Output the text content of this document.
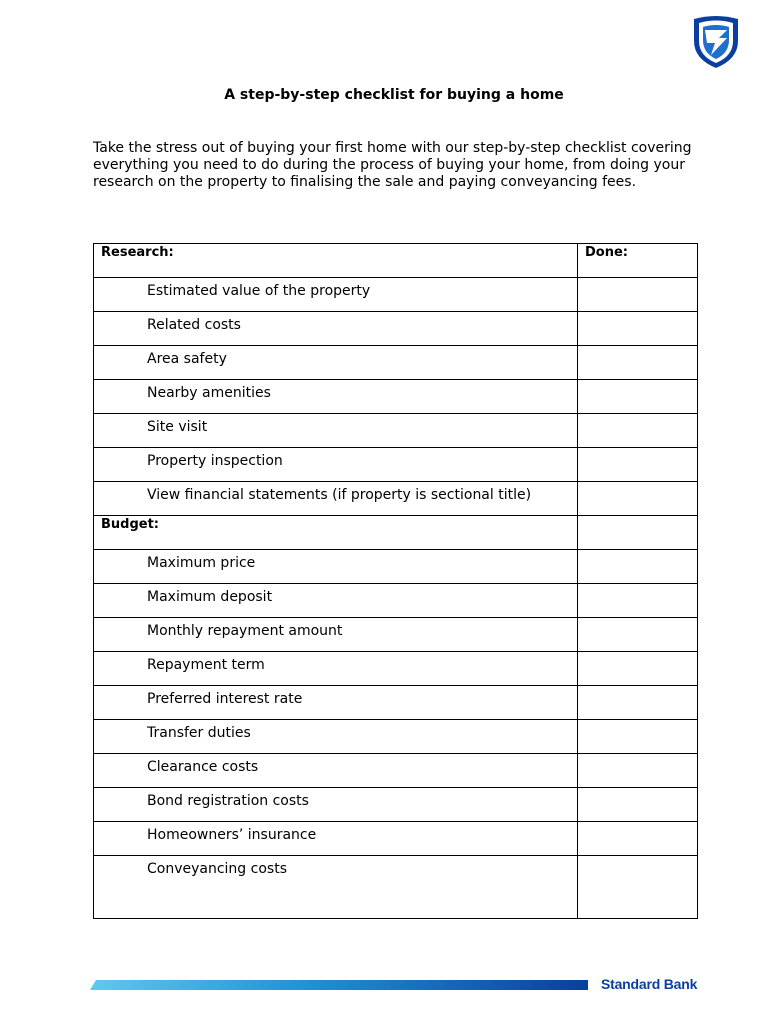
A step-by-step checklist for buying a home
Take the stress out of buying your first home with our step-by-step checklist covering everything you need to do during the process of buying your home, from doing your research on the property to finalising the sale and paying conveyancing fees.
Research:	Done:
Estimated value of the property	
Related costs	
Area safety	
Nearby amenities	
Site visit	
Property inspection	
View financial statements (if property is sectional title)	
Budget:	
Maximum price	
Maximum deposit	
Monthly repayment amount	
Repayment term	
Preferred interest rate	
Transfer duties	
Clearance costs	
Bond registration costs	
Homeowners’ insurance	
Conveyancing costs	
Standard Bank
